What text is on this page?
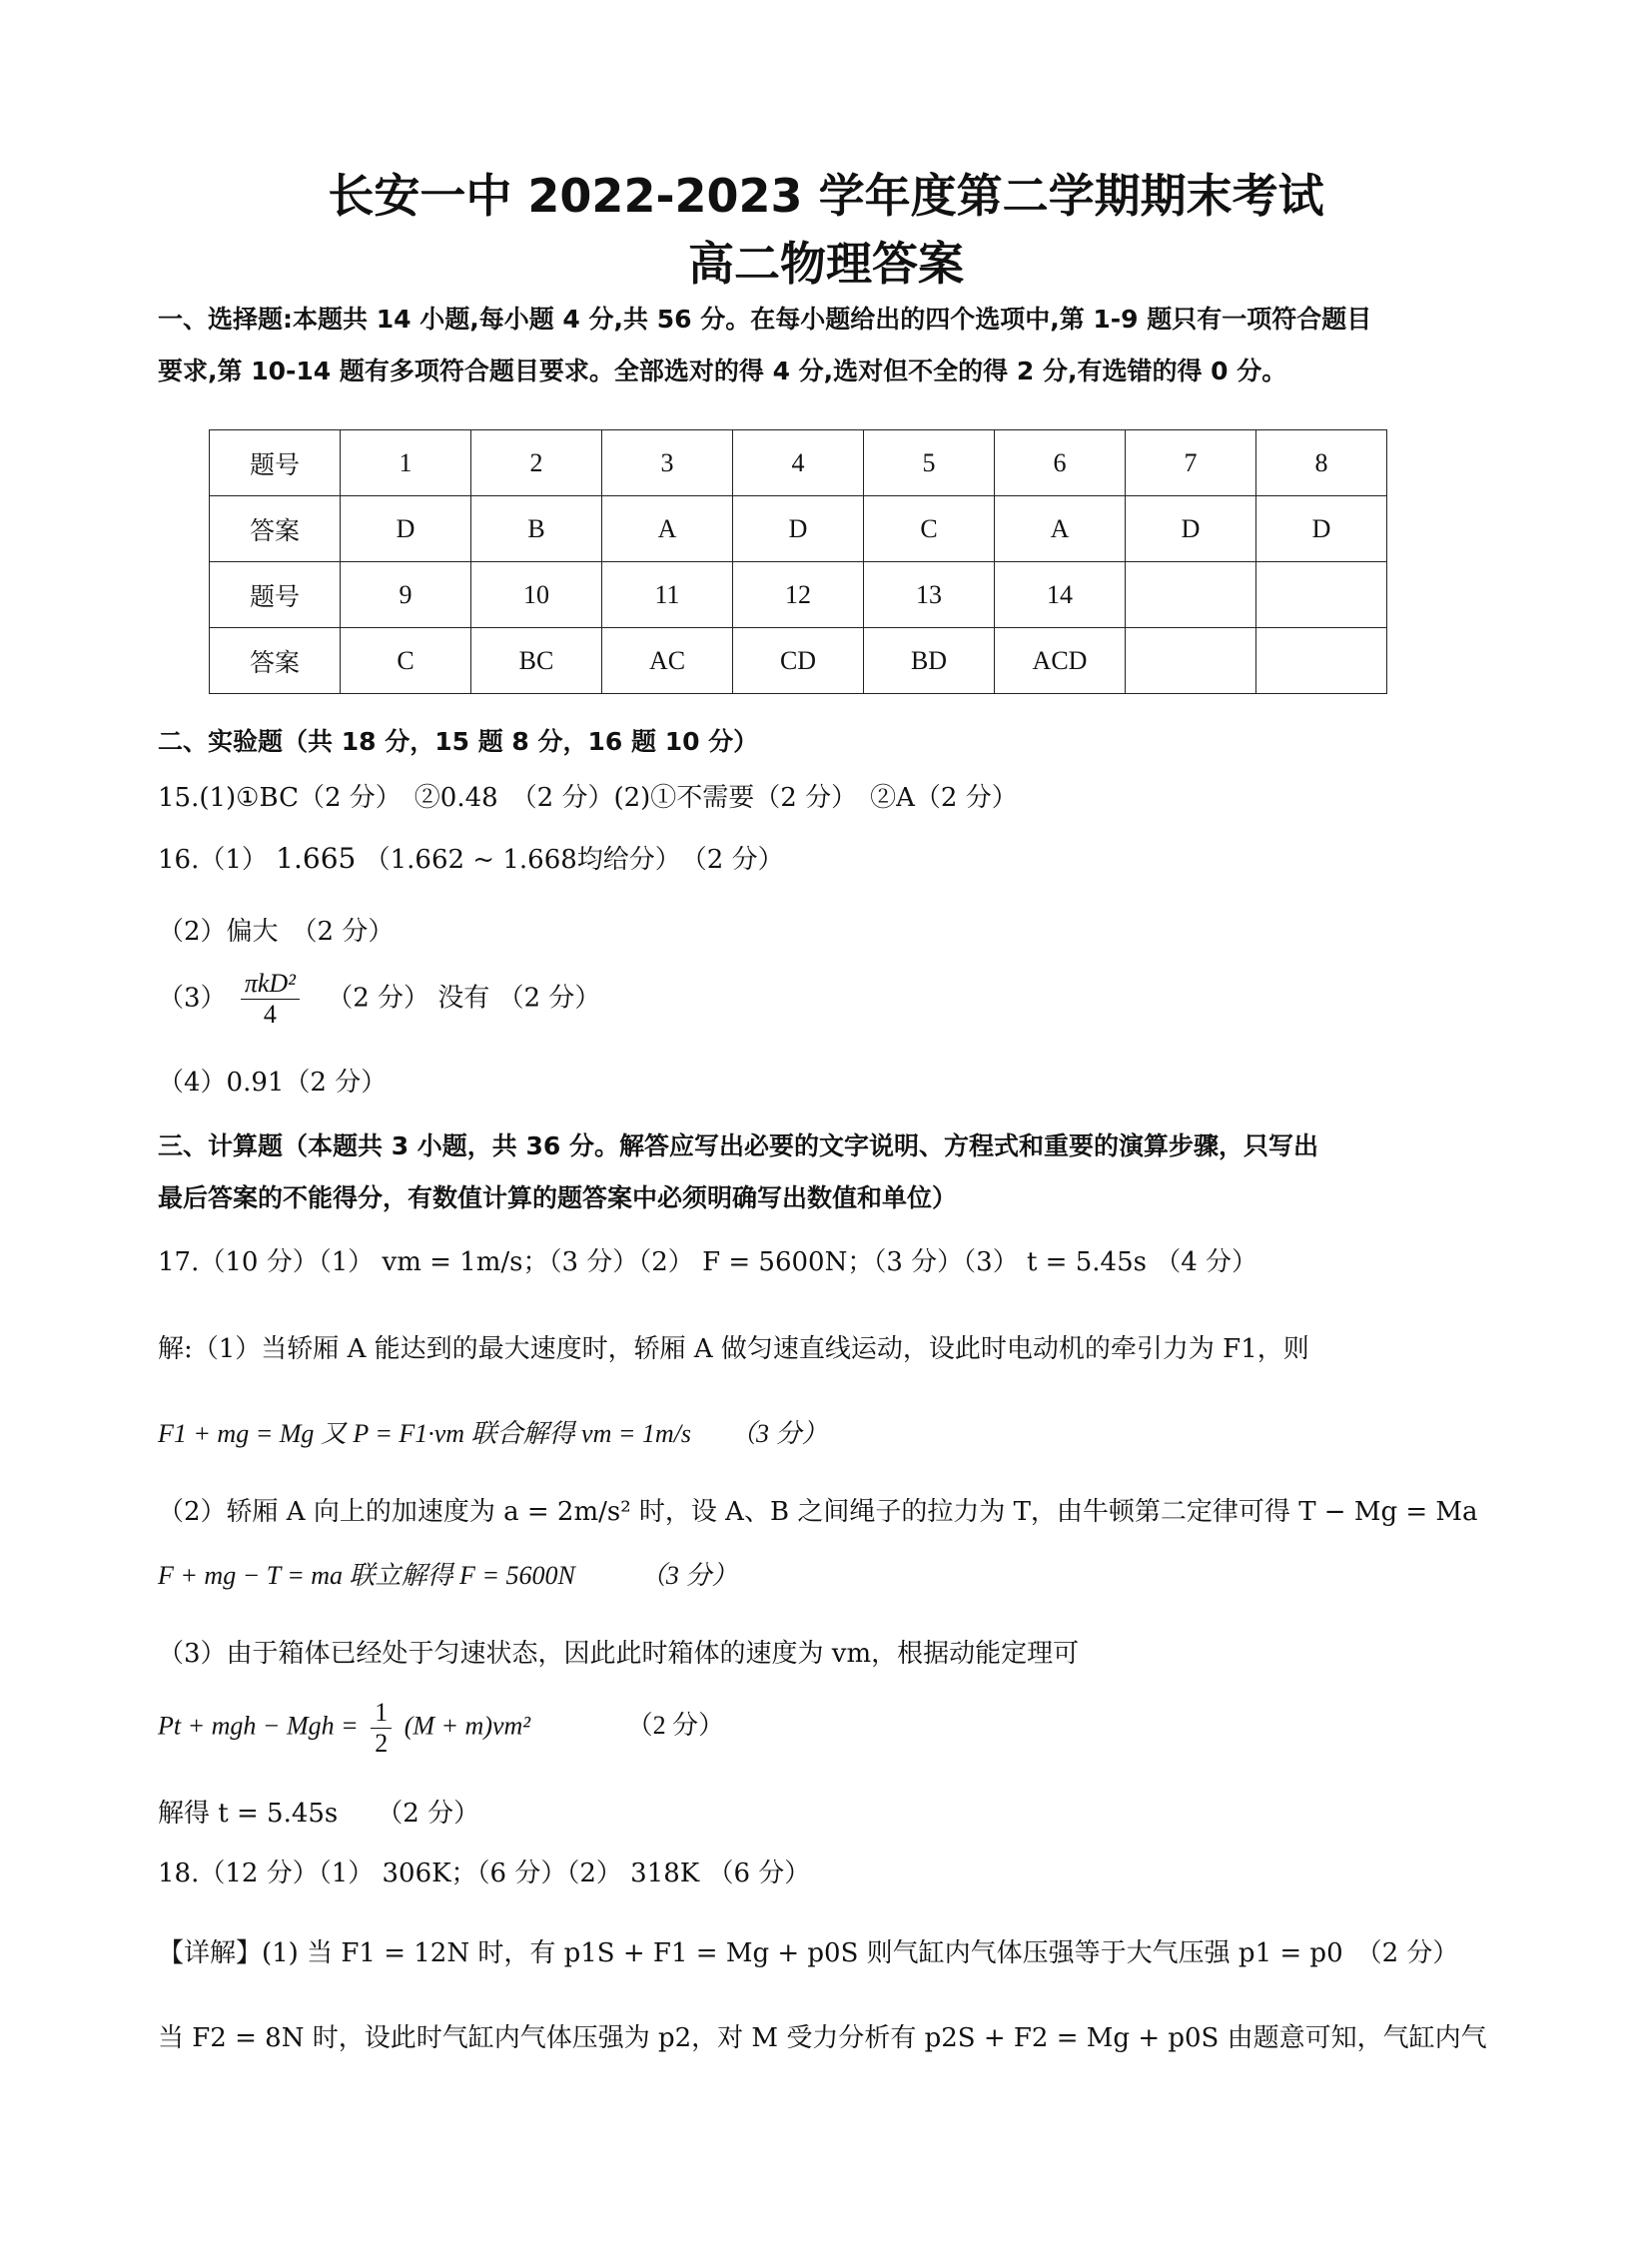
长安一中 2022-2023 学年度第二学期期末考试
高二物理答案
一、选择题:本题共 14 小题,每小题 4 分,共 56 分。在每小题给出的四个选项中,第 1-9 题只有一项符合题目
要求,第 10-14 题有多项符合题目要求。全部选对的得 4 分,选对但不全的得 2 分,有选错的得 0 分。
题号	1	2	3	4	5	6	7	8
答案	D	B	A	D	C	A	D	D
题号	9	10	11	12	13	14		
答案	C	BC	AC	CD	BD	ACD		
二、实验题（共 18 分，15 题 8 分，16 题 10 分）
15.(1)①BC（2 分）　②0.48　（2 分）(2)①不需要（2 分）　②A（2 分）
16.（1） 1.665 （1.662 ~ 1.668均给分）　（2 分）
（2）偏大　（2 分）
$(3) \frac{\text{πkD²}}{4}$ 　（2 分） 没有 （2 分）
（4）0.91（2 分）
三、计算题（本题共 3 小题，共 36 分。解答应写出必要的文字说明、方程式和重要的演算步骤，只写出
最后答案的不能得分，有数值计算的题答案中必须明确写出数值和单位）
17.（10 分）（1） vm = 1m/s；（3 分）（2） F = 5600N；（3 分）（3） t = 5.45s （4 分）
解:（1）当轿厢 A 能达到的最大速度时，轿厢 A 做匀速直线运动，设此时电动机的牵引力为 F1，则
F1 + mg = Mg 又 P = F1·vm 联合解得 vm = 1m/s　　（3 分）
（2）轿厢 A 向上的加速度为 a = 2m/s² 时，设 A、B 之间绳子的拉力为 T，由牛顿第二定律可得 T − Mg = Ma
F + mg − T = ma 联立解得 F = 5600N　　　（3 分）
（3）由于箱体已经处于匀速状态，因此此时箱体的速度为 vm，根据动能定理可
Pt + mgh − Mgh = $\frac{1}{2} (M + m)vm^2$	（2 分）
解得 t = 5.45s　　（2 分）
18.（12 分）（1） 306K；（6 分）（2） 318K （6 分）
【详解】(1) 当 F1 = 12N 时，有 p1S + F1 = Mg + p0S 则气缸内气体压强等于大气压强 p1 = p0　（2 分）
当 F2 = 8N 时，设此时气缸内气体压强为 p2，对 M 受力分析有 p2S + F2 = Mg + p0S 由题意可知，气缸内气
